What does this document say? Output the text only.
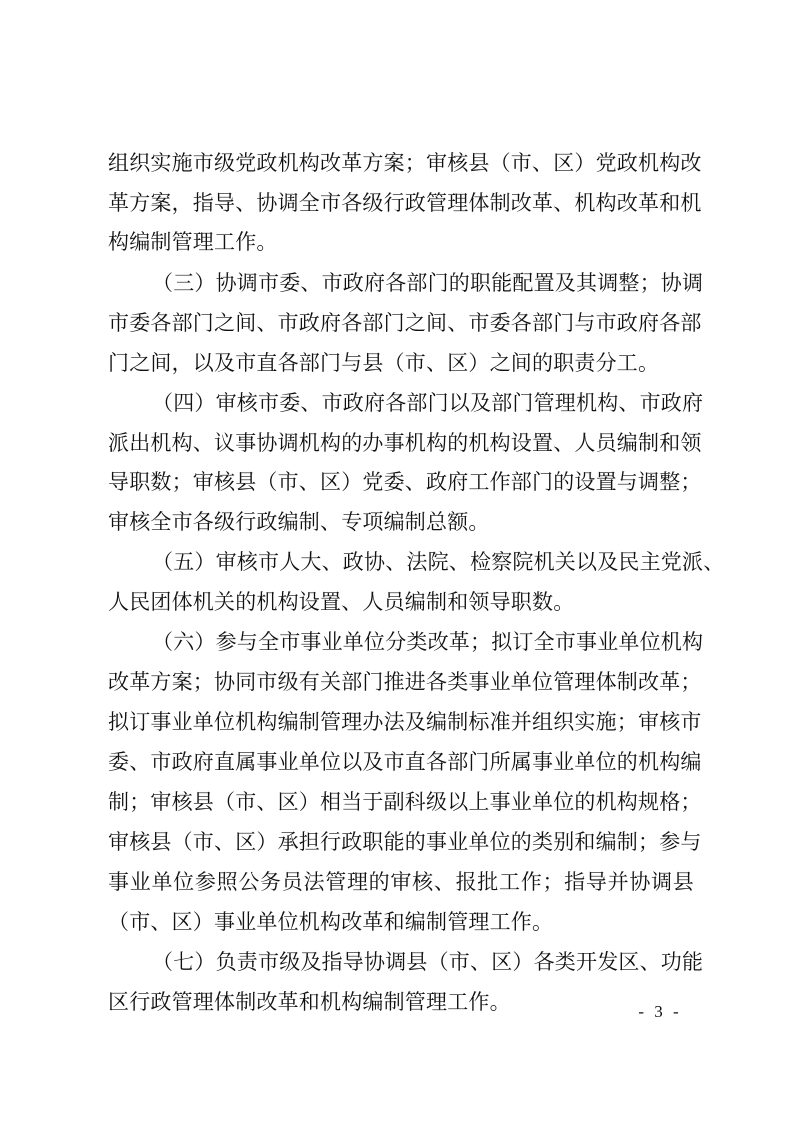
组织实施市级党政机构改革方案；审核县（市、区）党政机构改
革方案，指导、协调全市各级行政管理体制改革、机构改革和机
构编制管理工作。
（三）协调市委、市政府各部门的职能配置及其调整；协调
市委各部门之间、市政府各部门之间、市委各部门与市政府各部
门之间，以及市直各部门与县（市、区）之间的职责分工。
（四）审核市委、市政府各部门以及部门管理机构、市政府
派出机构、议事协调机构的办事机构的机构设置、人员编制和领
导职数；审核县（市、区）党委、政府工作部门的设置与调整；
审核全市各级行政编制、专项编制总额。
（五）审核市人大、政协、法院、检察院机关以及民主党派、
人民团体机关的机构设置、人员编制和领导职数。
（六）参与全市事业单位分类改革；拟订全市事业单位机构
改革方案；协同市级有关部门推进各类事业单位管理体制改革；
拟订事业单位机构编制管理办法及编制标准并组织实施；审核市
委、市政府直属事业单位以及市直各部门所属事业单位的机构编
制；审核县（市、区）相当于副科级以上事业单位的机构规格；
审核县（市、区）承担行政职能的事业单位的类别和编制；参与
事业单位参照公务员法管理的审核、报批工作；指导并协调县
（市、区）事业单位机构改革和编制管理工作。
（七）负责市级及指导协调县（市、区）各类开发区、功能
区行政管理体制改革和机构编制管理工作。	- 3 -
